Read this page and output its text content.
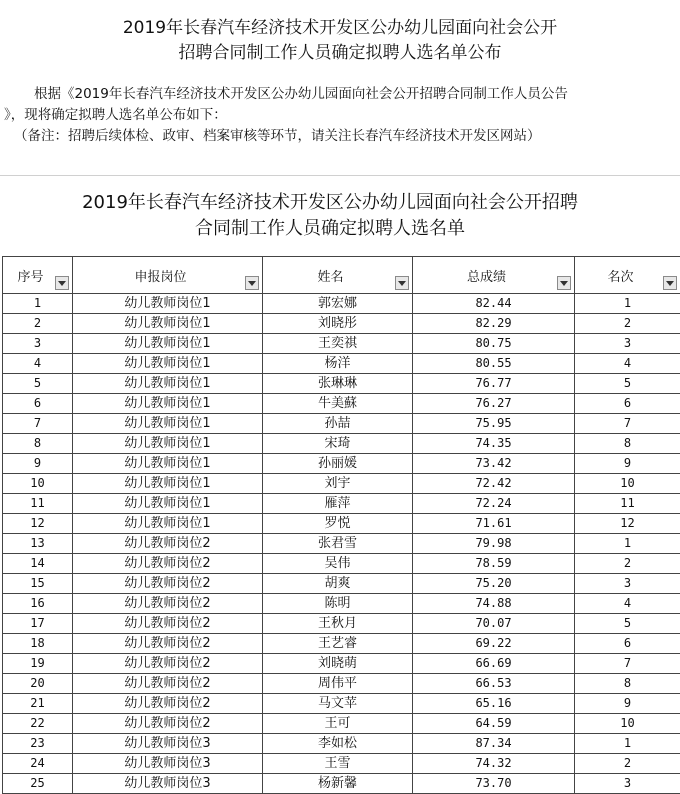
2019年长春汽车经济技术开发区公办幼儿园面向社会公开
招聘合同制工作人员确定拟聘人选名单公布
根据《2019年长春汽车经济技术开发区公办幼儿园面向社会公开招聘合同制工作人员公告
》，现将确定拟聘人选名单公布如下：
（备注：招聘后续体检、政审、档案审核等环节，请关注长春汽车经济技术开发区网站）
2019年长春汽车经济技术开发区公办幼儿园面向社会公开招聘
合同制工作人员确定拟聘人选名单
序号	申报岗位	姓名	总成绩	名次

1	幼儿教师岗位1	郭宏娜	82.44	1
2	幼儿教师岗位1	刘晓彤	82.29	2
3	幼儿教师岗位1	王奕祺	80.75	3
4	幼儿教师岗位1	杨洋	80.55	4
5	幼儿教师岗位1	张琳琳	76.77	5
6	幼儿教师岗位1	牛美蘇	76.27	6
7	幼儿教师岗位1	孙喆	75.95	7
8	幼儿教师岗位1	宋琦	74.35	8
9	幼儿教师岗位1	孙丽媛	73.42	9
10	幼儿教师岗位1	刘宇	72.42	10
11	幼儿教师岗位1	雁萍	72.24	11
12	幼儿教师岗位1	罗悦	71.61	12
13	幼儿教师岗位2	张君雪	79.98	1
14	幼儿教师岗位2	吴伟	78.59	2
15	幼儿教师岗位2	胡爽	75.20	3
16	幼儿教师岗位2	陈明	74.88	4
17	幼儿教师岗位2	王秋月	70.07	5
18	幼儿教师岗位2	王艺睿	69.22	6
19	幼儿教师岗位2	刘晓萌	66.69	7
20	幼儿教师岗位2	周伟平	66.53	8
21	幼儿教师岗位2	马文苹	65.16	9
22	幼儿教师岗位2	王可	64.59	10
23	幼儿教师岗位3	李如松	87.34	1
24	幼儿教师岗位3	王雪	74.32	2
25	幼儿教师岗位3	杨新馨	73.70	3
